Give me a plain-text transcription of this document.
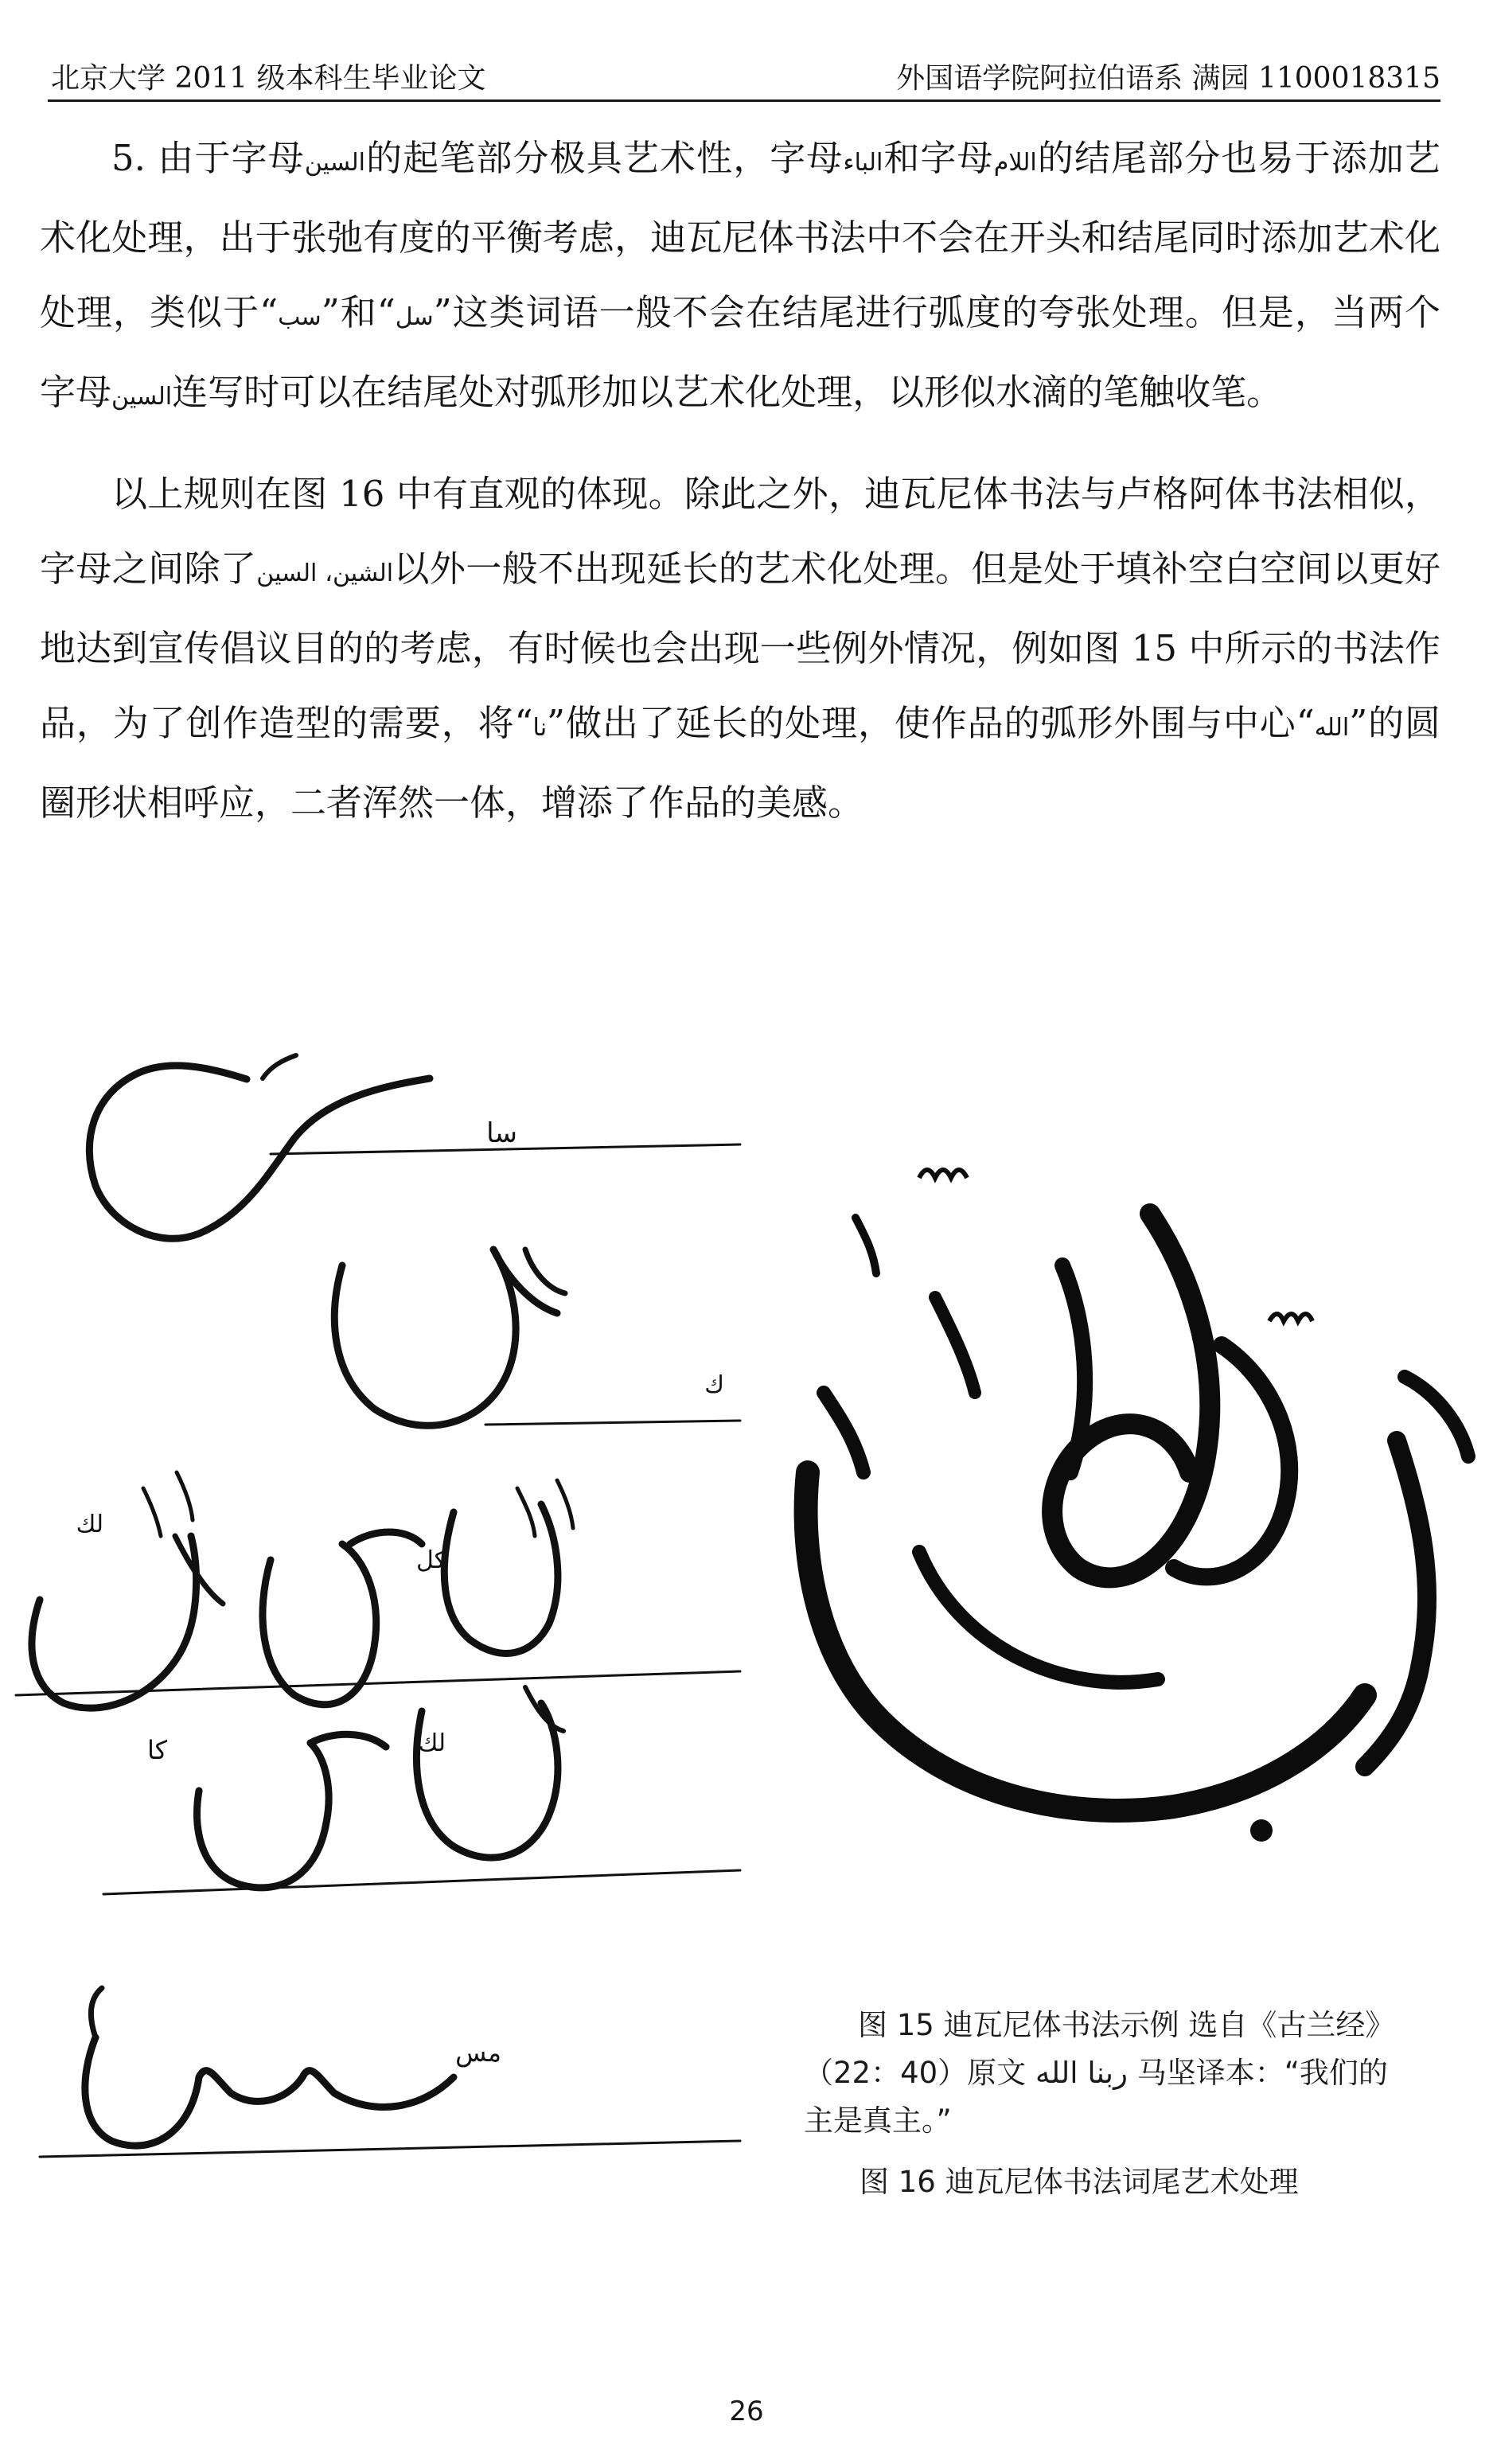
北京大学 2011 级本科生毕业论文	外国语学院阿拉伯语系 满园 1100018315

5. 由于字母السين的起笔部分极具艺术性，字母الباء和字母اللام的结尾部分也易于添加艺术化处理，出于张弛有度的平衡考虑，迪瓦尼体书法中不会在开头和结尾同时添加艺术化处理，类似于“سب”和“سل”这类词语一般不会在结尾进行弧度的夸张处理。但是，当两个字母السين连写时可以在结尾处对弧形加以艺术化处理，以形似水滴的笔触收笔。

以上规则在图 16 中有直观的体现。除此之外，迪瓦尼体书法与卢格阿体书法相似，字母之间除了الشين، السين以外一般不出现延长的艺术化处理。但是处于填补空白空间以更好地达到宣传倡议目的的考虑，有时候也会出现一些例外情况，例如图 15 中所示的书法作品，为了创作造型的需要，将“نا”做出了延长的处理，使作品的弧形外围与中心“الله”的圆圈形状相呼应，二者浑然一体，增添了作品的美感。

سا
ك
لك
كل
لك
كا
مس
图 15 迪瓦尼体书法示例 选自《古兰经》
（22：40）原文 ربنا الله 马坚译本：“我们的
主是真主。”
图 16 迪瓦尼体书法词尾艺术处理
26
